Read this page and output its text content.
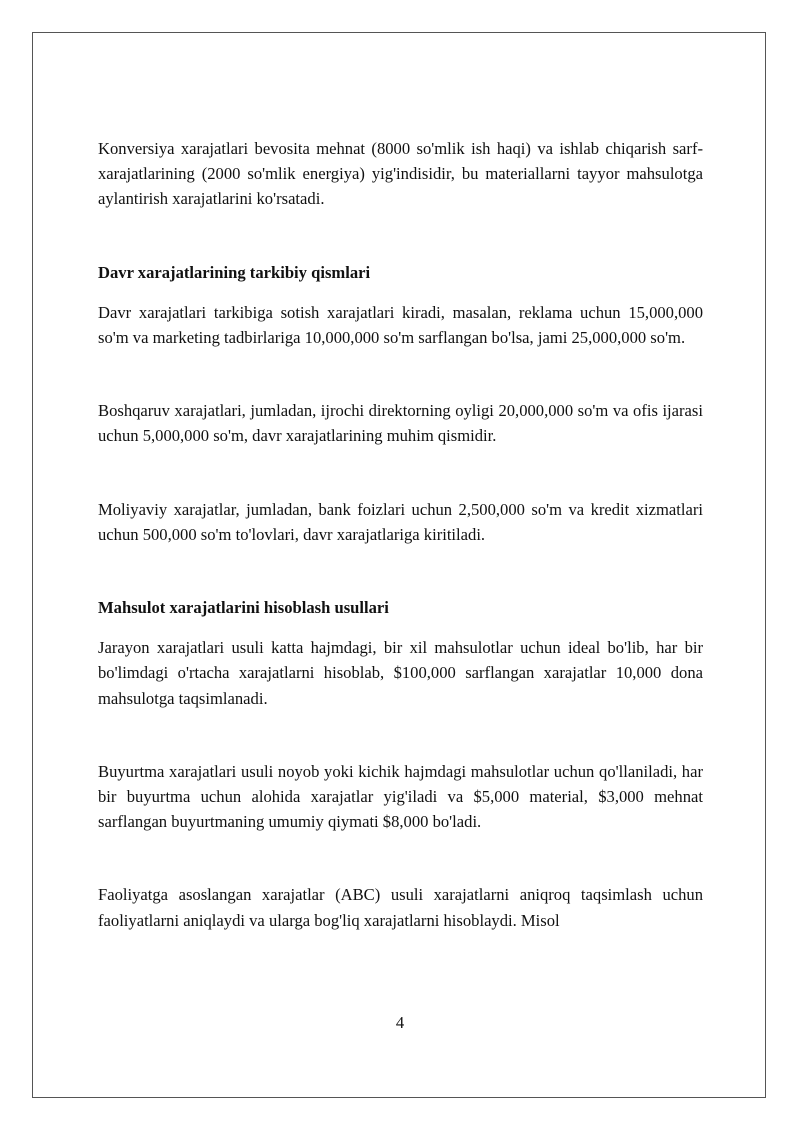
Konversiya xarajatlari bevosita mehnat (8000 so'mlik ish haqi) va ishlab chiqarish sarf-xarajatlarining (2000 so'mlik energiya) yig'indisidir, bu materiallarni tayyor mahsulotga aylantirish xarajatlarini ko'rsatadi.

Davr xarajatlarining tarkibiy qismlari

Davr xarajatlari tarkibiga sotish xarajatlari kiradi, masalan, reklama uchun 15,000,000 so'm va marketing tadbirlariga 10,000,000 so'm sarflangan bo'lsa, jami 25,000,000 so'm.

Boshqaruv xarajatlari, jumladan, ijrochi direktorning oyligi 20,000,000 so'm va ofis ijarasi uchun 5,000,000 so'm, davr xarajatlarining muhim qismidir.

Moliyaviy xarajatlar, jumladan, bank foizlari uchun 2,500,000 so'm va kredit xizmatlari uchun 500,000 so'm to'lovlari, davr xarajatlariga kiritiladi.

Mahsulot xarajatlarini hisoblash usullari

Jarayon xarajatlari usuli katta hajmdagi, bir xil mahsulotlar uchun ideal bo'lib, har bir bo'limdagi o'rtacha xarajatlarni hisoblab, $100,000 sarflangan xarajatlar 10,000 dona mahsulotga taqsimlanadi.

Buyurtma xarajatlari usuli noyob yoki kichik hajmdagi mahsulotlar uchun qo'llaniladi, har bir buyurtma uchun alohida xarajatlar yig'iladi va $5,000 material, $3,000 mehnat sarflangan buyurtmaning umumiy qiymati $8,000 bo'ladi.

Faoliyatga asoslangan xarajatlar (ABC) usuli xarajatlarni aniqroq taqsimlash uchun faoliyatlarni aniqlaydi va ularga bog'liq xarajatlarni hisoblaydi. Misol

4
